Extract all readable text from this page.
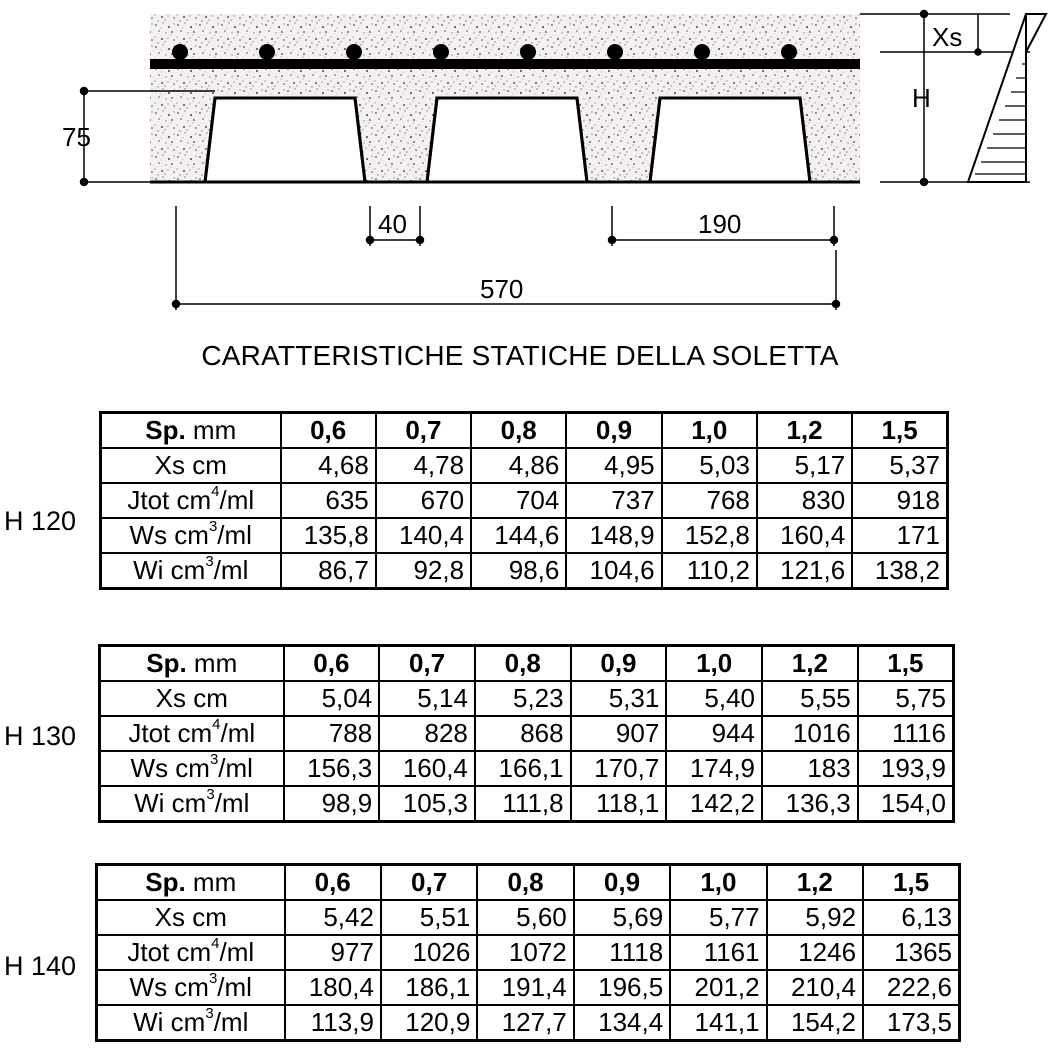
75
40	190
570
Xs
H
CARATTERISTICHE STATICHE DELLA SOLETTA
H 120
Sp. mm	0,6	0,7	0,8	0,9	1,0	1,2	1,5
Xs cm	4,68	4,78	4,86	4,95	5,03	5,17	5,37
Jtot $cm^4/ml$	635	670	704	737	768	830	918
Ws $cm^3/ml$	135,8	140,4	144,6	148,9	152,8	160,4	171
Wi $cm^3/ml$	86,7	92,8	98,6	104,6	110,2	121,6	138,2
H 130
Sp. mm	0,6	0,7	0,8	0,9	1,0	1,2	1,5
Xs cm	5,04	5,14	5,23	5,31	5,40	5,55	5,75
Jtot $cm^4/ml$	788	828	868	907	944	1016	1116
Ws $cm^3/ml$	156,3	160,4	166,1	170,7	174,9	183	193,9
Wi $cm^3/ml$	98,9	105,3	111,8	118,1	142,2	136,3	154,0
H 140
Sp. mm	0,6	0,7	0,8	0,9	1,0	1,2	1,5
Xs cm	5,42	5,51	5,60	5,69	5,77	5,92	6,13
Jtot $cm^4/ml$	977	1026	1072	1118	1161	1246	1365
Ws $cm^3/ml$	180,4	186,1	191,4	196,5	201,2	210,4	222,6
Wi $cm^3/ml$	113,9	120,9	127,7	134,4	141,1	154,2	173,5
